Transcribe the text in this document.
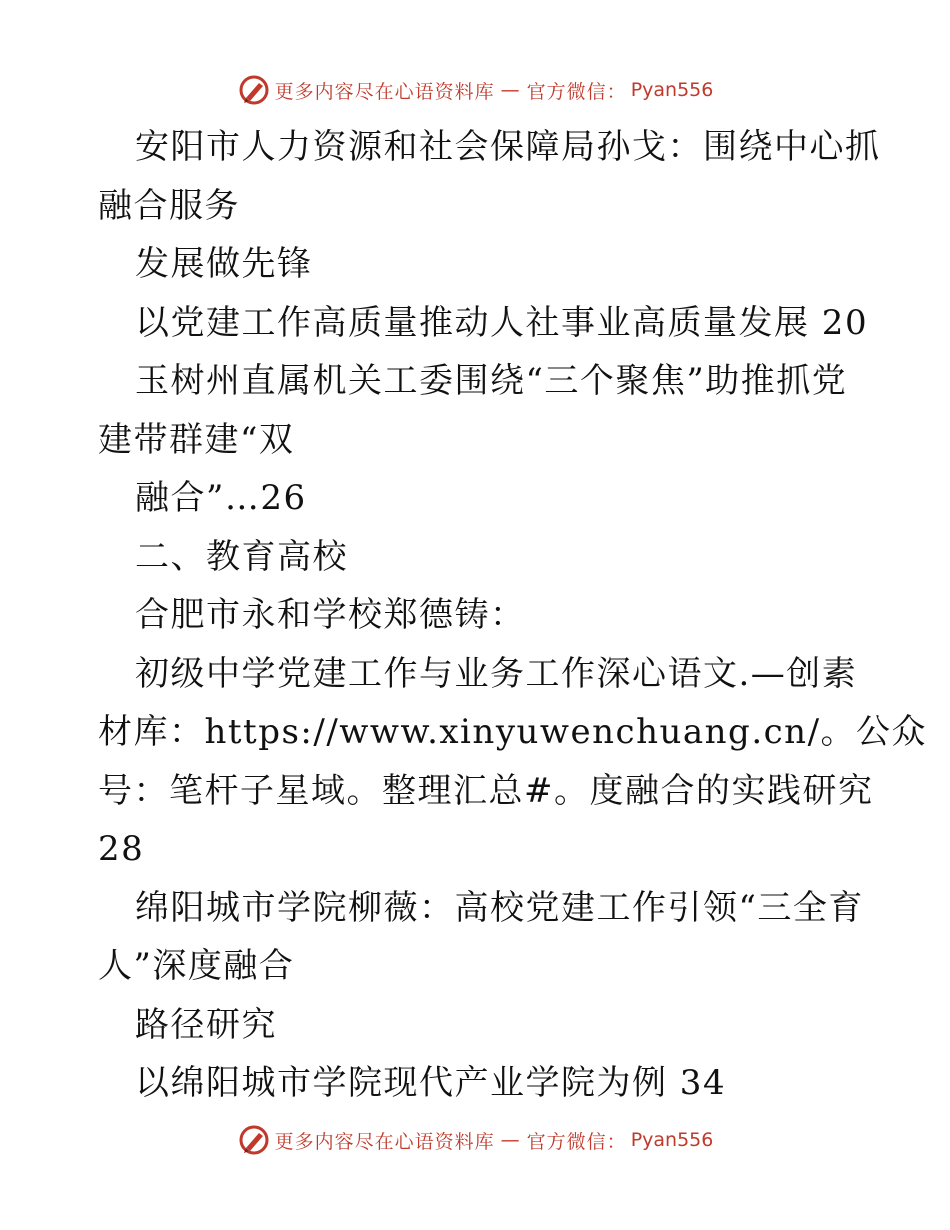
更多内容尽在心语资料库 — 官方微信： Pyan556
安阳市人力资源和社会保障局孙戈：围绕中心抓
融合服务
发展做先锋
以党建工作高质量推动人社事业高质量发展 20
玉树州直属机关工委围绕“三个聚焦”助推抓党
建带群建“双
融合”…26
二、教育高校
合肥市永和学校郑德铸：
初级中学党建工作与业务工作深心语文.—创素
材库：https://www.xinyuwenchuang.cn/。公众
号：笔杆子星域。整理汇总#。度融合的实践研究
28
绵阳城市学院柳薇：高校党建工作引领“三全育
人”深度融合
路径研究
以绵阳城市学院现代产业学院为例 34
更多内容尽在心语资料库 — 官方微信： Pyan556
